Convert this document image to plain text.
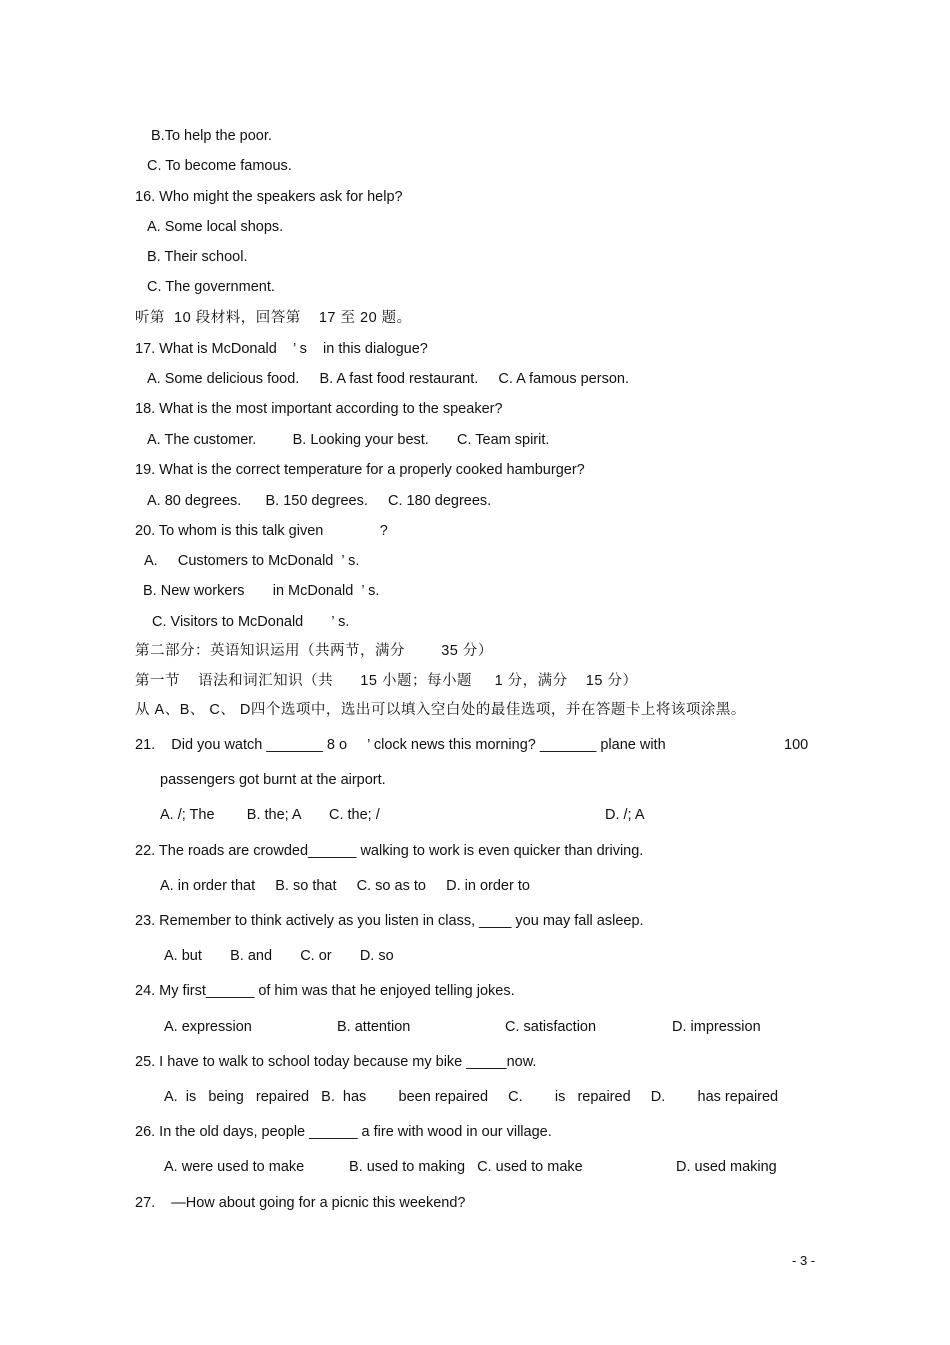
B.To help the poor.
C. To become famous.
16. Who might the speakers ask for help?
A. Some local shops.
B. Their school.
C. The government.
听第  10 段材料，回答第    17 至 20 题。
17. What is McDonald    ’ s    in this dialogue?
A. Some delicious food.     B. A fast food restaurant.     C. A famous person.
18. What is the most important according to the speaker?
A. The customer.         B. Looking your best.       C. Team spirit.
19. What is the correct temperature for a properly cooked hamburger?
A. 80 degrees.      B. 150 degrees.     C. 180 degrees.
20. To whom is this talk given              ?
A.     Customers to McDonald  ’ s.
B. New workers       in McDonald  ’ s.
C. Visitors to McDonald       ’ s.
第二部分：英语知识运用（共两节，满分        35 分）
第一节    语法和词汇知识（共      15 小题；每小题     1 分，满分    15 分）
从 A、B、 C、 D四个选项中，选出可以填入空白处的最佳选项，并在答题卡上将该项涂黑。
21.    Did you watch _______ 8 o     ’ clock news this morning? _______ plane with	100
passengers got burnt at the airport.
A. /; The        B. the; A       C. the; /	D. /; A
22. The roads are crowded______ walking to work is even quicker than driving.
A. in order that     B. so that     C. so as to     D. in order to
23. Remember to think actively as you listen in class, ____ you may fall asleep.
A. but       B. and       C. or       D. so
24. My first______ of him was that he enjoyed telling jokes.
A. expression	B. attention	C. satisfaction	D. impression
25. I have to walk to school today because my bike _____now.
A.  is   being   repaired   B.  has        been repaired     C.        is   repaired     D.        has repaired
26. In the old days, people ______ a fire with wood in our village.
A. were used to make	B. used to making   C. used to make	D. used making
27.    —How about going for a picnic this weekend?
- 3 -
